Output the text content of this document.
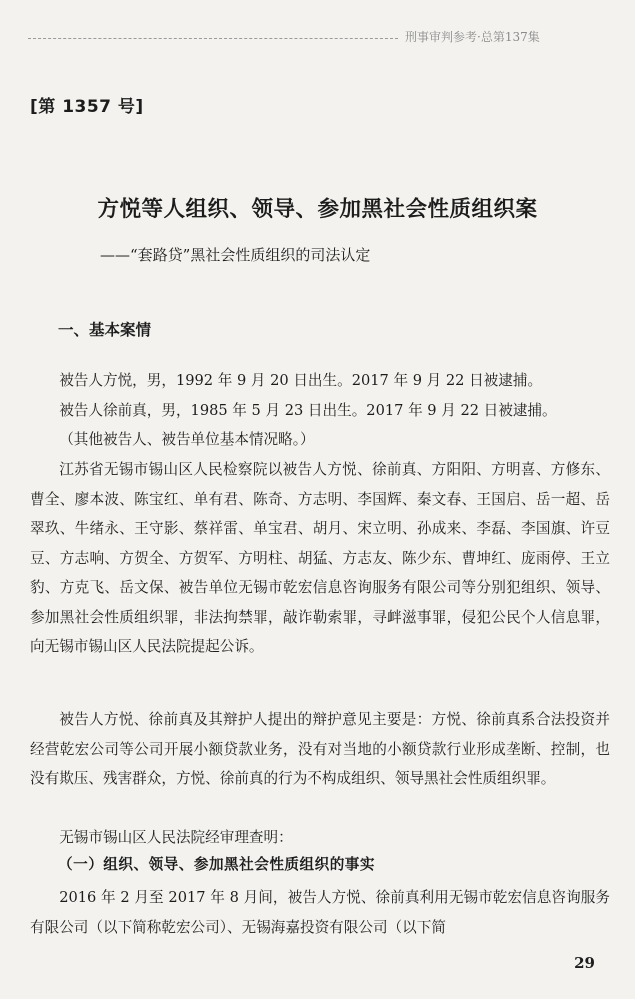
刑事审判参考·总第137集
[第 1357 号]
方悦等人组织、领导、参加黑社会性质组织案
——“套路贷”黑社会性质组织的司法认定
一、基本案情

被告人方悦，男，1992 年 9 月 20 日出生。2017 年 9 月 22 日被逮捕。

被告人徐前真，男，1985 年 5 月 23 日出生。2017 年 9 月 22 日被逮捕。

（其他被告人、被告单位基本情况略。）

江苏省无锡市锡山区人民检察院以被告人方悦、徐前真、方阳阳、方明喜、方修东、曹全、廖本波、陈宝红、单有君、陈奇、方志明、李国辉、秦文春、王国启、岳一超、岳翠玖、牛绪永、王守影、蔡祥雷、单宝君、胡月、宋立明、孙成来、李磊、李国旗、许豆豆、方志响、方贺全、方贺军、方明柱、胡猛、方志友、陈少东、曹坤红、庞雨停、王立豹、方克飞、岳文保、被告单位无锡市乾宏信息咨询服务有限公司等分别犯组织、领导、参加黑社会性质组织罪，非法拘禁罪，敲诈勒索罪，寻衅滋事罪，侵犯公民个人信息罪，向无锡市锡山区人民法院提起公诉。

被告人方悦、徐前真及其辩护人提出的辩护意见主要是：方悦、徐前真系合法投资并经营乾宏公司等公司开展小额贷款业务，没有对当地的小额贷款行业形成垄断、控制，也没有欺压、残害群众，方悦、徐前真的行为不构成组织、领导黑社会性质组织罪。

无锡市锡山区人民法院经审理查明：

（一）组织、领导、参加黑社会性质组织的事实

2016 年 2 月至 2017 年 8 月间，被告人方悦、徐前真利用无锡市乾宏信息咨询服务有限公司（以下简称乾宏公司）、无锡海嘉投资有限公司（以下简

29
